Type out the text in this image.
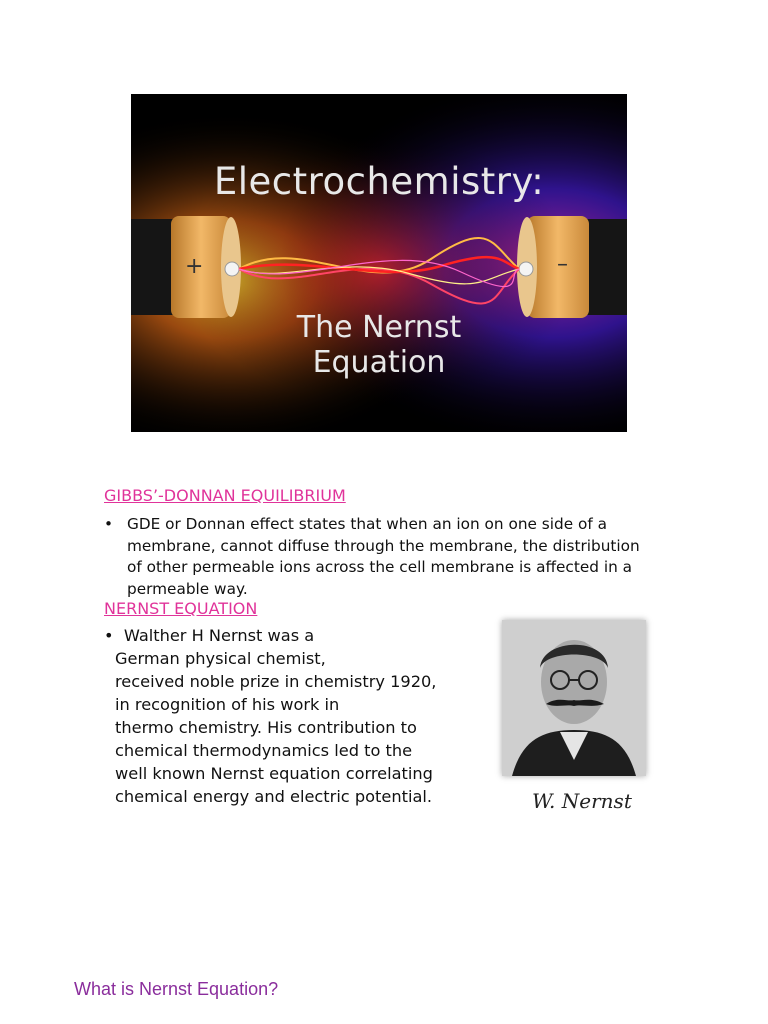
Electrochemistry:
+	–
The Nernst
Equation
GIBBS’-DONNAN EQUILIBRIUM
• GDE or Donnan effect states that when an ion on one side of a membrane, cannot diffuse through the membrane, the distribution of other permeable ions across the cell membrane is affected in a permeable way.
NERNST EQUATION
• Walther H Nernst was a
German physical chemist,
received noble prize in chemistry 1920,
in recognition of his work in
thermo chemistry. His contribution to
chemical thermodynamics led to the
well known Nernst equation correlating
chemical energy and electric potential.	W. Nernst
What is Nernst Equation?
